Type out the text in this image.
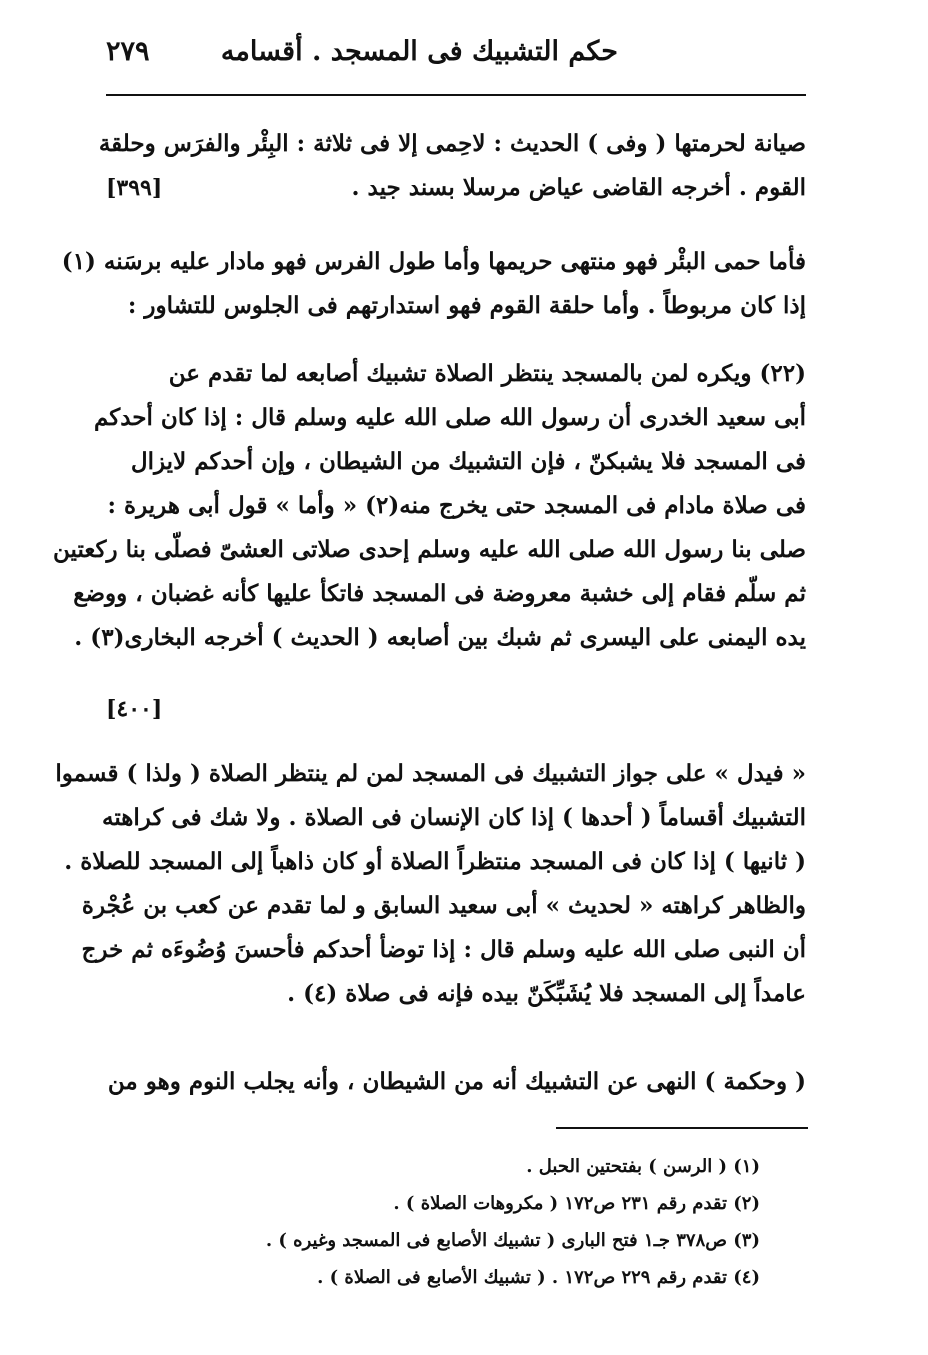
حكم التشبيك فى المسجد . أقسامه
٢٧٩
صيانة لحرمتها ( وفى ) الحديث : لاحِمى إلا فى ثلاثة : البِئْر والفرَس وحلقة
القوم . أخرجه القاضى عياض مرسلا بسند جيد .
[٣٩٩]
فأما حمى البئْر فهو منتهى حريمها وأما طول الفرس فهو مادار عليه برسَنه (١)
إذا كان مربوطاً . وأما حلقة القوم فهو استدارتهم فى الجلوس للتشاور :
(٢٢) ويكره لمن بالمسجد ينتظر الصلاة تشبيك أصابعه لما تقدم عن
أبى سعيد الخدرى أن رسول الله صلى الله عليه وسلم قال : إذا كان أحدكم
فى المسجد فلا يشبكنّ ، فإن التشبيك من الشيطان ، وإن أحدكم لايزال
فى صلاة مادام فى المسجد حتى يخرج منه(٢) « وأما » قول أبى هريرة :
صلى بنا رسول الله صلى الله عليه وسلم إحدى صلاتى العشىّ فصلّى بنا ركعتين
ثم سلّم فقام إلى خشبة معروضة فى المسجد فاتكأ عليها كأنه غضبان ، ووضع
يده اليمنى على اليسرى ثم شبك بين أصابعه ( الحديث ) أخرجه البخارى(٣) .
[٤٠٠]
« فيدل » على جواز التشبيك فى المسجد لمن لم ينتظر الصلاة ( ولذا ) قسموا
التشبيك أقساماً ( أحدها ) إذا كان الإنسان فى الصلاة . ولا شك فى كراهته
( ثانيها ) إذا كان فى المسجد منتظراً الصلاة أو كان ذاهباً إلى المسجد للصلاة .
والظاهر كراهته « لحديث » أبى سعيد السابق و لما تقدم عن كعب بن عُجْرة
أن النبى صلى الله عليه وسلم قال : إذا توضأ أحدكم فأحسنَ وُضُوءَه ثم خرج
عامداً إلى المسجد فلا يُشَبِّكَنّ بيده فإنه فى صلاة (٤) .
( وحكمة ) النهى عن التشبيك أنه من الشيطان ، وأنه يجلب النوم وهو من
(١) ( الرسن ) بفتحتين الحبل .
(٢) تقدم رقم ٢٣١ ص١٧٢ ( مكروهات الصلاة ) .
(٣) ص٣٧٨ جـ١ فتح البارى ( تشبيك الأصابع فى المسجد وغيره ) .
(٤) تقدم رقم ٢٢٩ ص١٧٢ . ( تشبيك الأصابع فى الصلاة ) .
